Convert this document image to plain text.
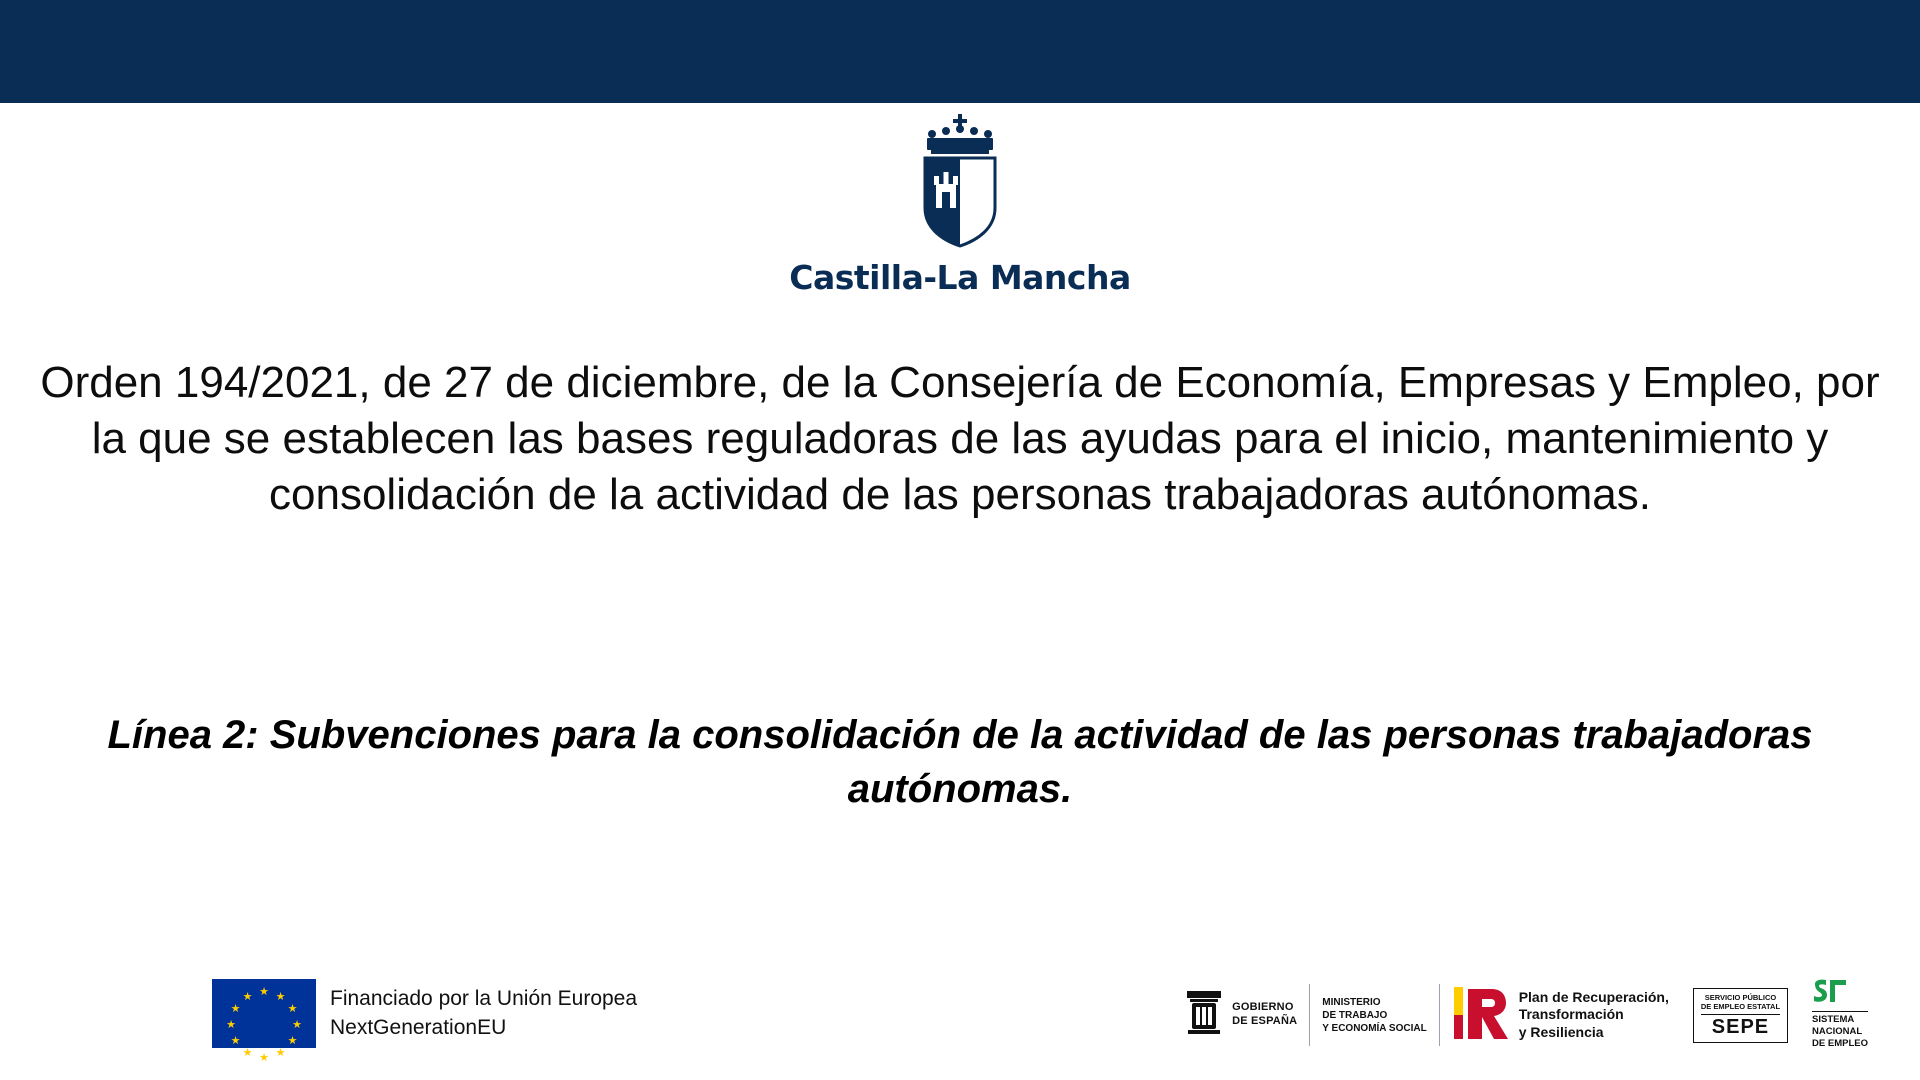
Castilla-La Mancha
Orden 194/2021, de 27 de diciembre, de la Consejería de Economía, Empresas y Empleo, por la que se establecen las bases reguladoras de las ayudas para el inicio, mantenimiento y consolidación de la actividad de las personas trabajadoras autónomas.
Línea 2: Subvenciones para la consolidación de la actividad de las personas trabajadoras autónomas.
★ ★
★
★
★
★
★
★
★
★
★
★	Financiado por la Unión Europea
NextGenerationEU
GOBIERNO
DE ESPAÑA
MINISTERIO
DE TRABAJO
Y ECONOMÍA SOCIAL
Plan de Recuperación,
Transformación
y Resiliencia
SERVICIO PÚBLICO
DE EMPLEO ESTATAL
SEPE	SISTEMA
NACIONAL
DE EMPLEO
